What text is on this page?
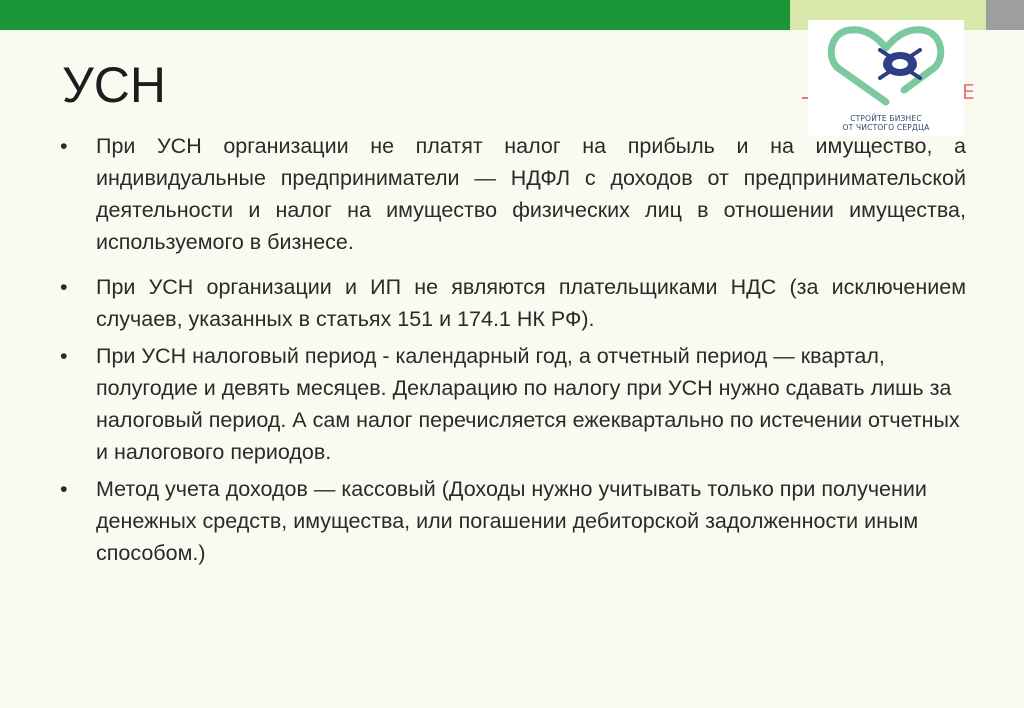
УСН
СТРОЙТЕ БИЗНЕС
ОТ ЧИСТОГО СЕРДЦА
E
•	При УСН организации не платят налог на прибыль и на имущество, а индивидуальные предприниматели — НДФЛ с доходов от предпринимательской деятельности и налог на имущество физических лиц в отношении имущества, используемого в бизнесе.
•	При УСН организации и ИП не являются плательщиками НДС (за исключением случаев, указанных в статьях 151 и 174.1 НК РФ).
•	При УСН налоговый период - календарный год, а отчетный период — квартал, полугодие и девять месяцев. Декларацию по налогу при УСН нужно сдавать лишь за налоговый период. А сам налог перечисляется ежеквартально по истечении отчетных и налогового периодов.
•	Метод учета доходов — кассовый (Доходы нужно учитывать только при получении денежных средств, имущества, или погашении дебиторской задолженности иным способом.)
